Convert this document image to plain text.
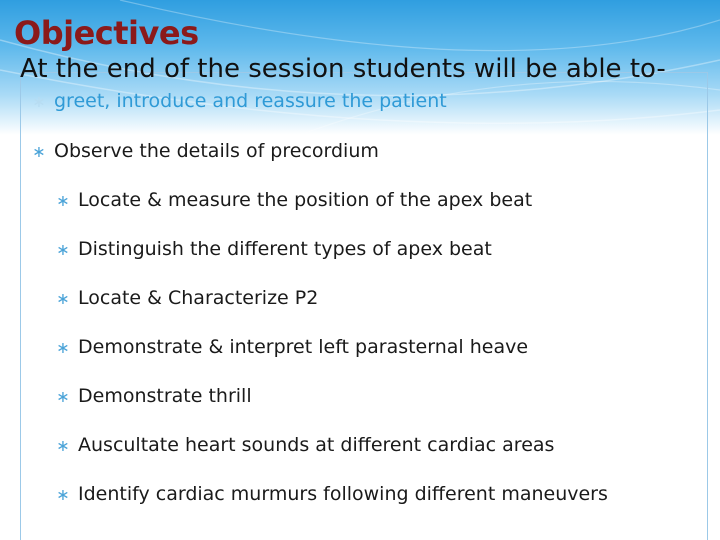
Objectives

At the end of the session students will be able to-

∗ greet, introduce and reassure the patient
∗ Observe the details of precordium
∗ Locate & measure the position of the apex beat
∗ Distinguish the different types of apex beat
∗ Locate & Characterize P2
∗ Demonstrate & interpret left parasternal heave
∗ Demonstrate thrill
∗ Auscultate heart sounds at different cardiac areas
∗ Identify cardiac murmurs following different maneuvers
